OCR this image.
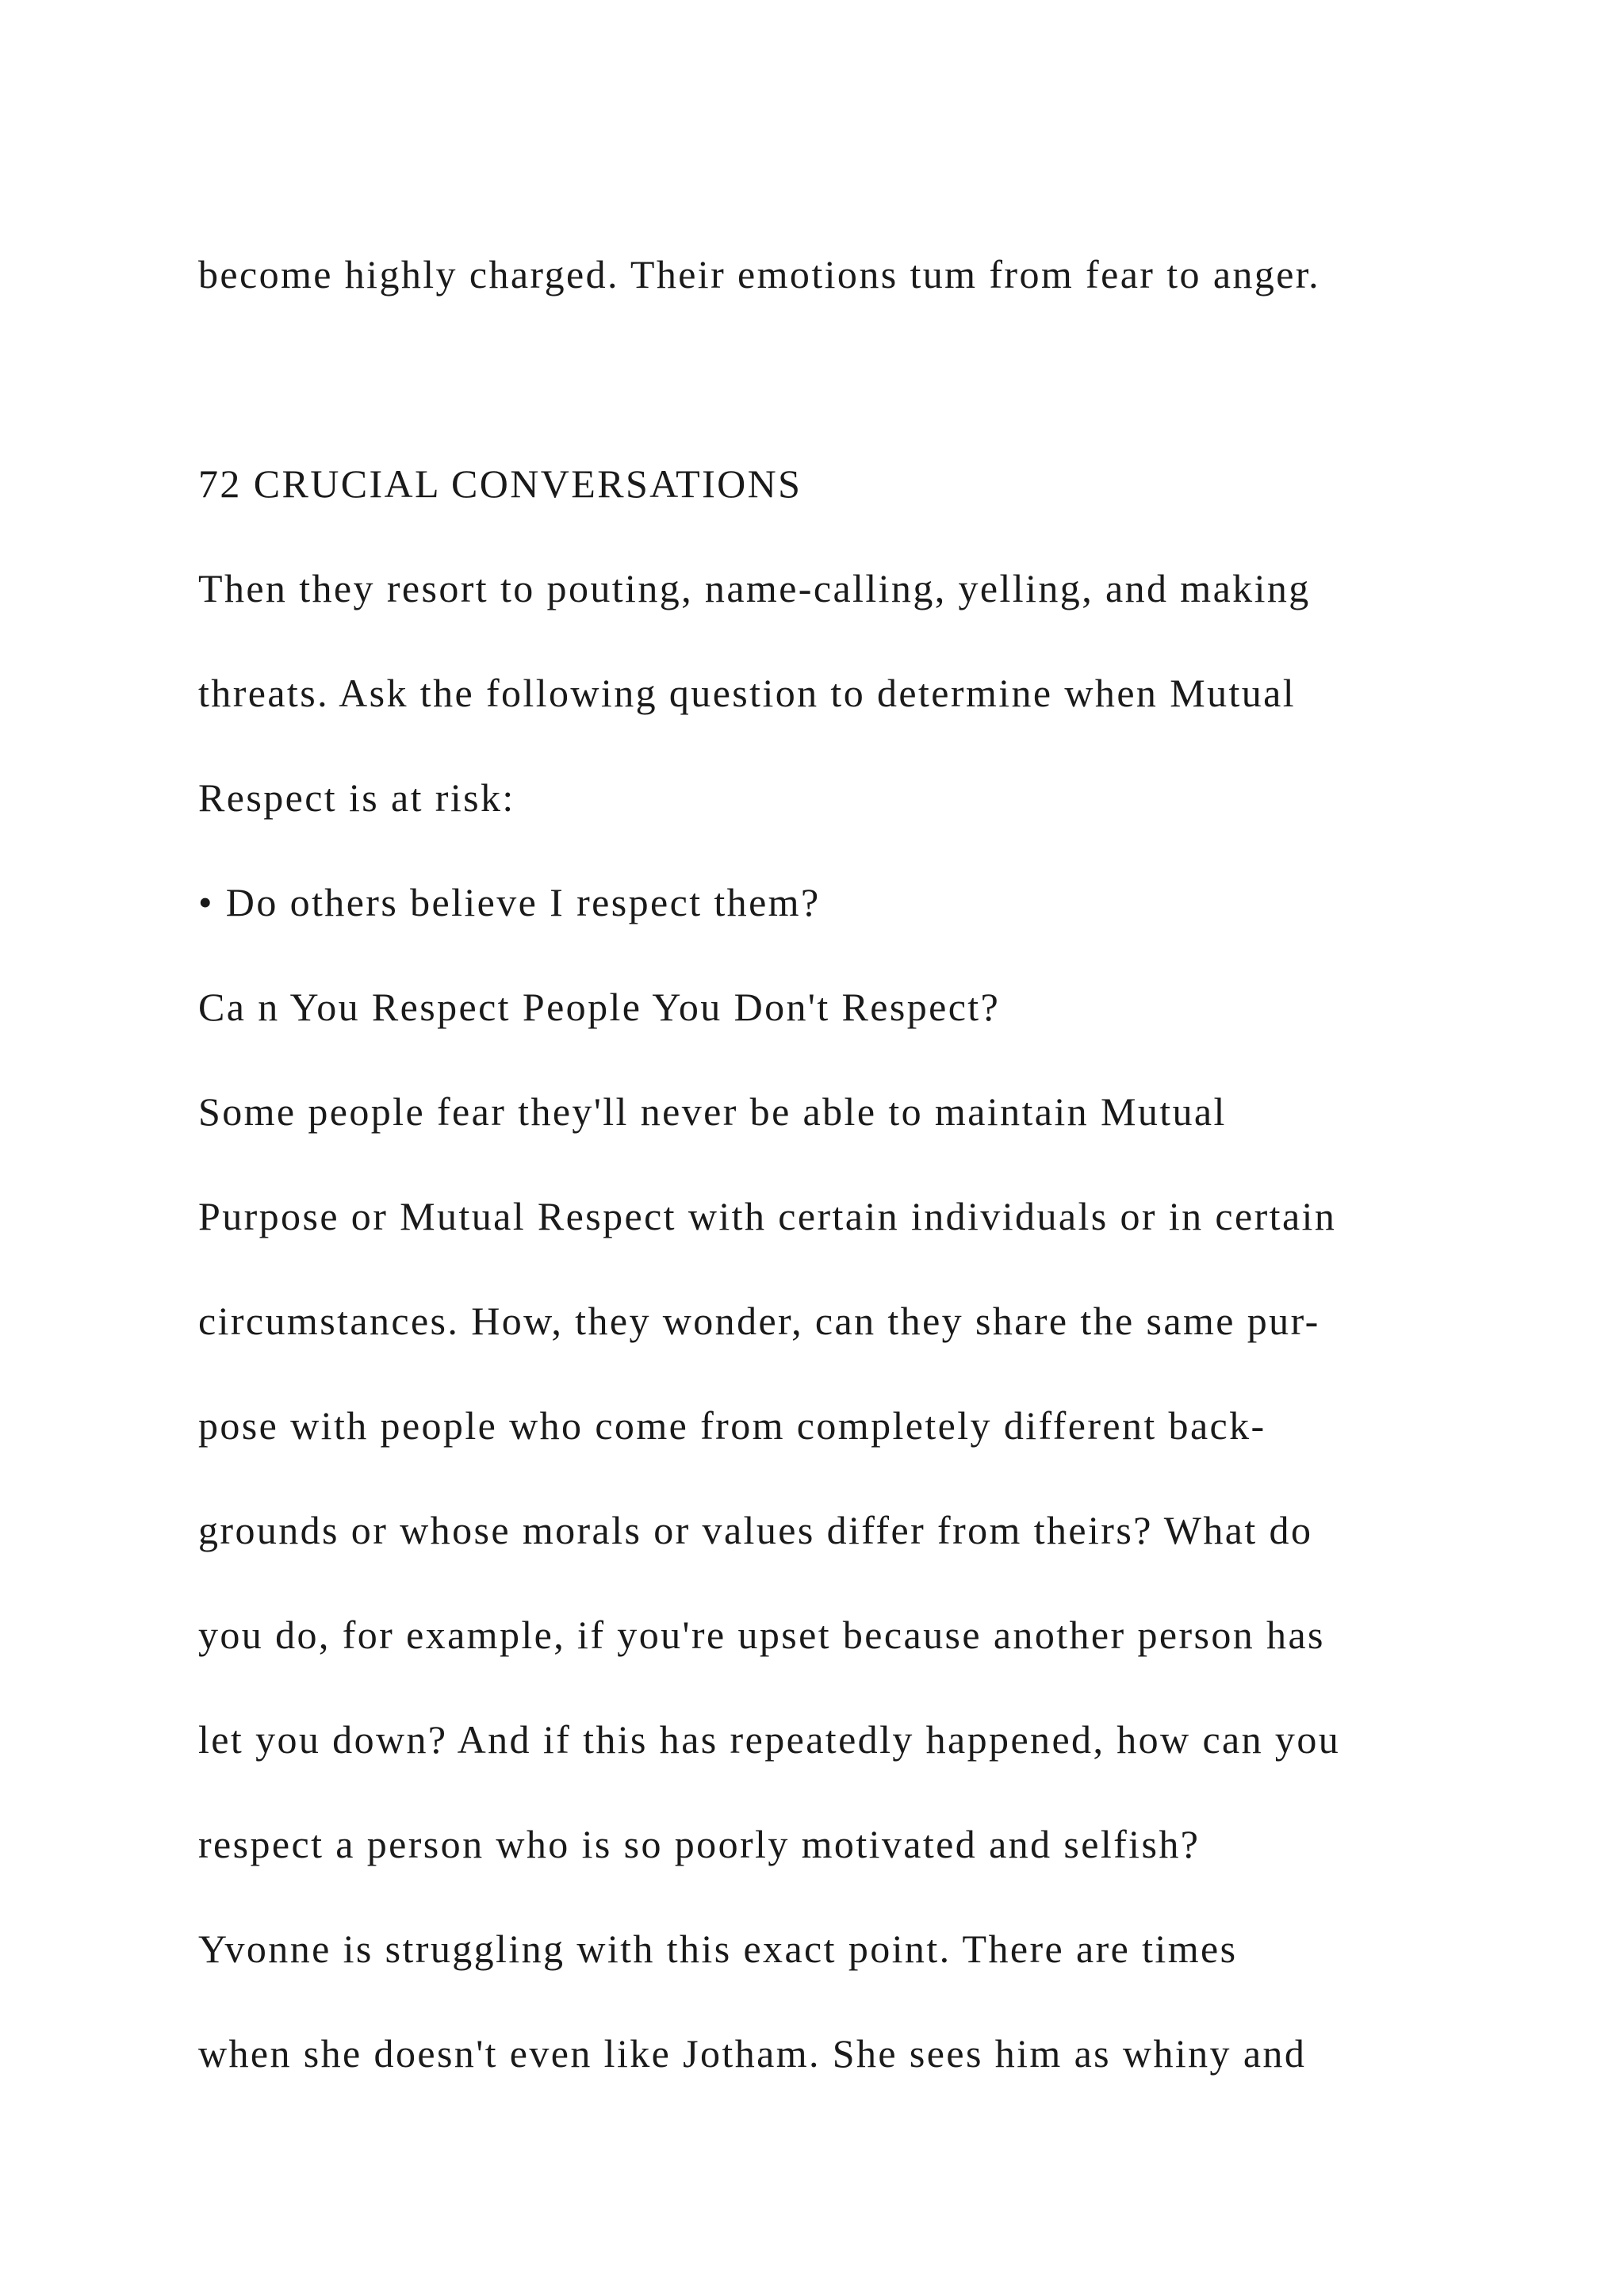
become highly charged. Their emotions tum from fear to anger.

72 CRUCIAL CONVERSATIONS

Then they resort to pouting, name-calling, yelling, and making

threats. Ask the following question to determine when Mutual

Respect is at risk:

• Do others believe I respect them?

Ca n You Respect People You Don't Respect?

Some people fear they'll never be able to maintain Mutual

Purpose or Mutual Respect with certain individuals or in certain

circumstances. How, they wonder, can they share the same pur-

pose with people who come from completely different back-

grounds or whose morals or values differ from theirs? What do

you do, for example, if you're upset because another person has

let you down? And if this has repeatedly happened, how can you

respect a person who is so poorly motivated and selfish?

Yvonne is struggling with this exact point. There are times

when she doesn't even like Jotham. She sees him as whiny and
